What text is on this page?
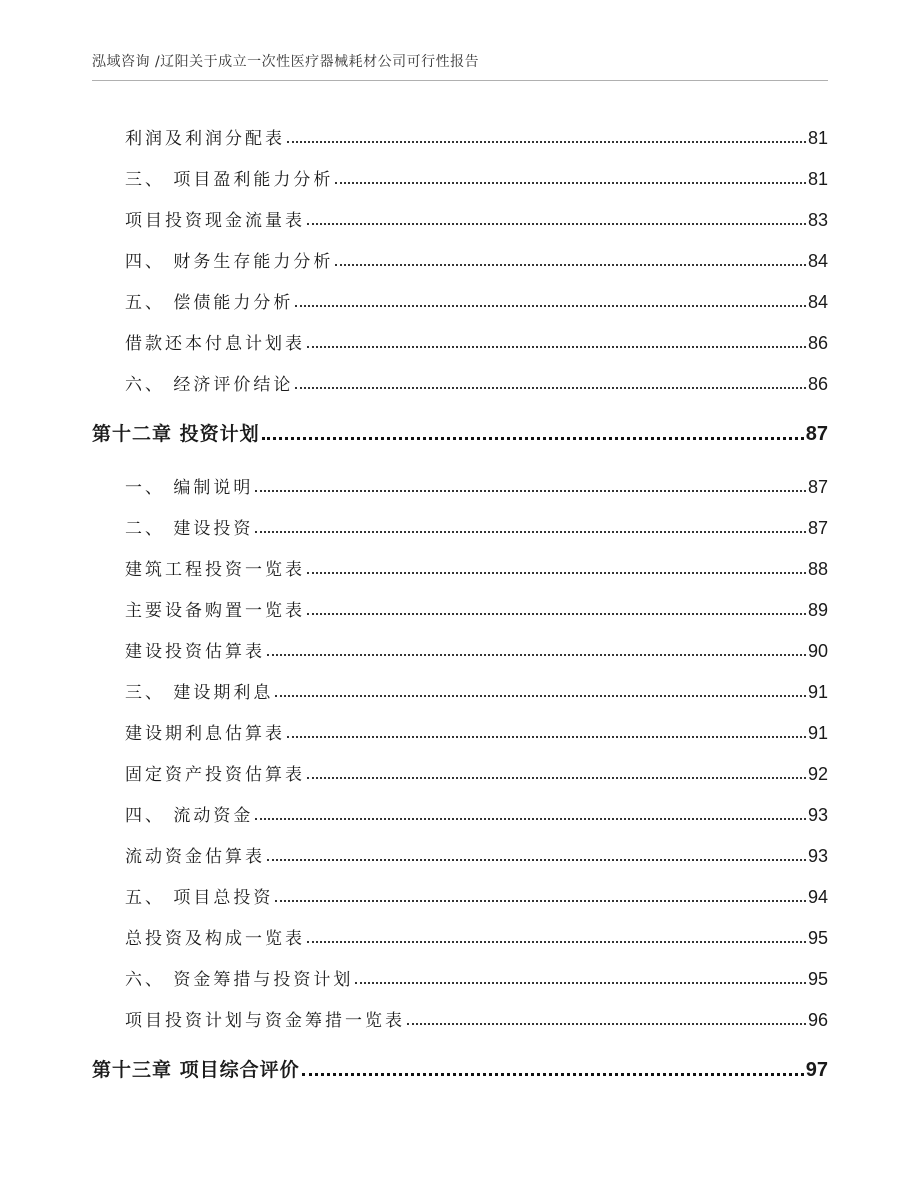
泓域咨询 /辽阳关于成立一次性医疗器械耗材公司可行性报告
利润及利润分配表	81
三、 项目盈利能力分析	81
项目投资现金流量表	83
四、 财务生存能力分析	84
五、 偿债能力分析	84
借款还本付息计划表	86
六、 经济评价结论	86
第十二章 投资计划	87
一、 编制说明	87
二、 建设投资	87
建筑工程投资一览表	88
主要设备购置一览表	89
建设投资估算表	90
三、 建设期利息	91
建设期利息估算表	91
固定资产投资估算表	92
四、 流动资金	93
流动资金估算表	93
五、 项目总投资	94
总投资及构成一览表	95
六、 资金筹措与投资计划	95
项目投资计划与资金筹措一览表	96
第十三章 项目综合评价	97
